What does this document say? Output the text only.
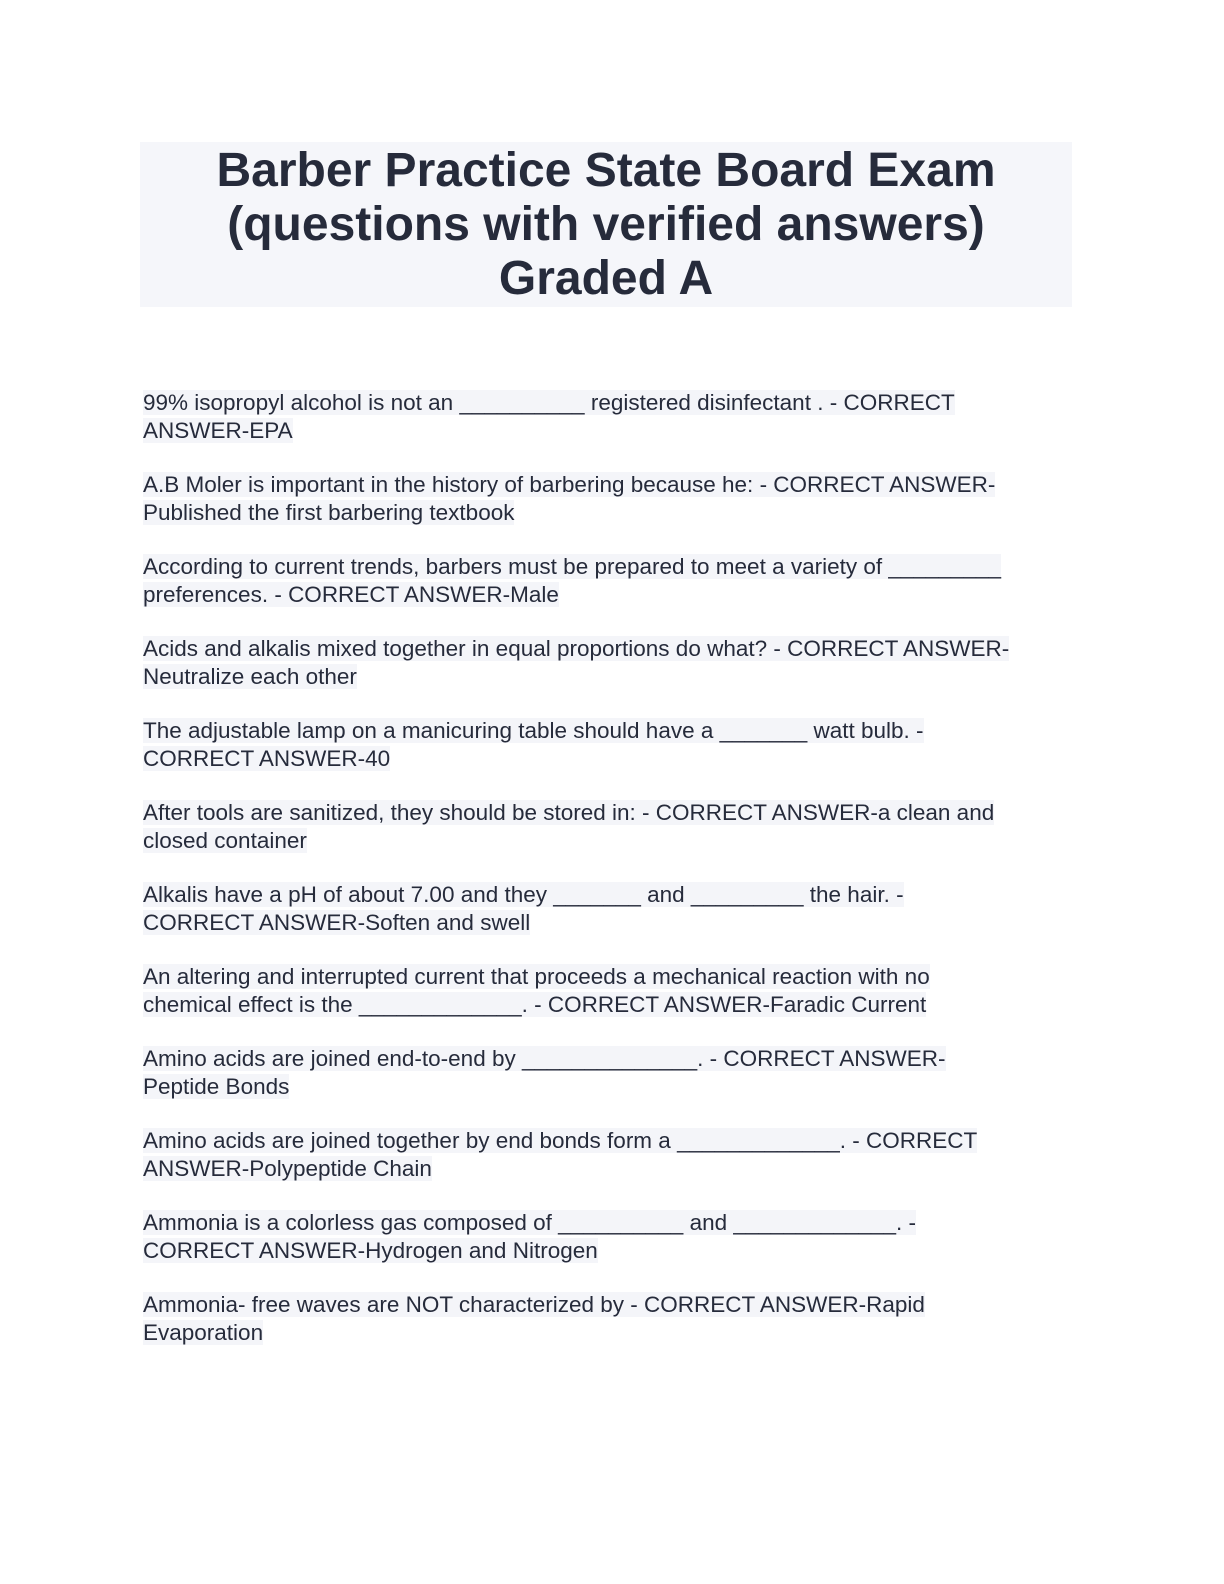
Barber Practice State Board Exam
(questions with verified answers)
Graded A
99% isopropyl alcohol is not an __________ registered disinfectant . - CORRECT
ANSWER-EPA
A.B Moler is important in the history of barbering because he: - CORRECT ANSWER-
Published the first barbering textbook
According to current trends, barbers must be prepared to meet a variety of _________
preferences. - CORRECT ANSWER-Male
Acids and alkalis mixed together in equal proportions do what? - CORRECT ANSWER-
Neutralize each other
The adjustable lamp on a manicuring table should have a _______ watt bulb. -
CORRECT ANSWER-40
After tools are sanitized, they should be stored in: - CORRECT ANSWER-a clean and
closed container
Alkalis have a pH of about 7.00 and they _______ and _________ the hair. -
CORRECT ANSWER-Soften and swell
An altering and interrupted current that proceeds a mechanical reaction with no
chemical effect is the _____________. - CORRECT ANSWER-Faradic Current
Amino acids are joined end-to-end by ______________. - CORRECT ANSWER-
Peptide Bonds
Amino acids are joined together by end bonds form a _____________. - CORRECT
ANSWER-Polypeptide Chain
Ammonia is a colorless gas composed of __________ and _____________. -
CORRECT ANSWER-Hydrogen and Nitrogen
Ammonia- free waves are NOT characterized by - CORRECT ANSWER-Rapid
Evaporation
